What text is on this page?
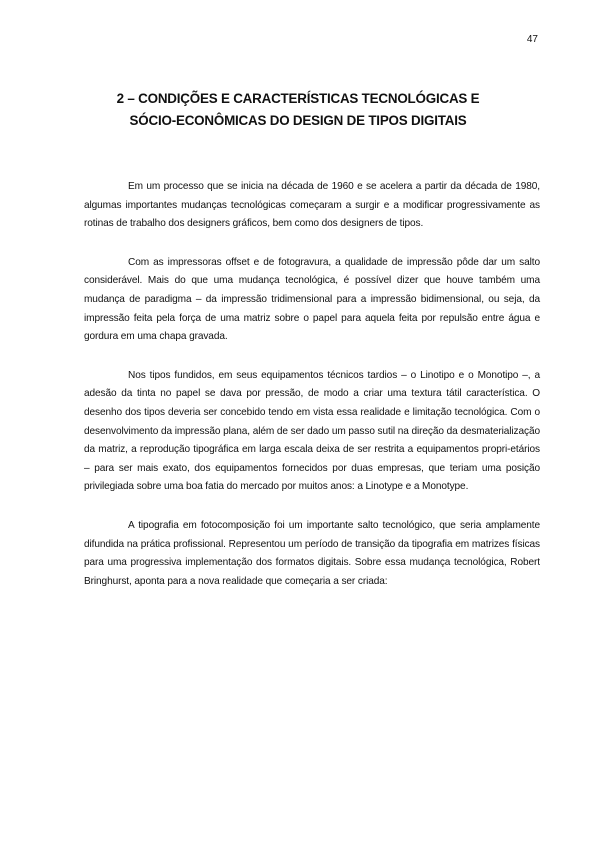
47
2 – CONDIÇÕES E CARACTERÍSTICAS TECNOLÓGICAS E
SÓCIO-ECONÔMICAS DO DESIGN DE TIPOS DIGITAIS

Em um processo que se inicia na década de 1960 e se acelera a partir da década de 1980, algumas importantes mudanças tecnológicas começaram a surgir e a modificar progressivamente as rotinas de trabalho dos designers gráficos, bem como dos designers de tipos.

Com as impressoras offset e de fotogravura, a qualidade de impressão pôde dar um salto considerável. Mais do que uma mudança tecnológica, é possível dizer que houve também uma mudança de paradigma – da impressão tridimensional para a impressão bidimensional, ou seja, da impressão feita pela força de uma matriz sobre o papel para aquela feita por repulsão entre água e gordura em uma chapa gravada.

Nos tipos fundidos, em seus equipamentos técnicos tardios – o Linotipo e o Monotipo –, a adesão da tinta no papel se dava por pressão, de modo a criar uma textura tátil característica. O desenho dos tipos deveria ser concebido tendo em vista essa realidade e limitação tecnológica. Com o desenvolvimento da impressão plana, além de ser dado um passo sutil na direção da desmaterialização da matriz, a reprodução tipográfica em larga escala deixa de ser restrita a equipamentos propri-etários – para ser mais exato, dos equipamentos fornecidos por duas empresas, que teriam uma posição privilegiada sobre uma boa fatia do mercado por muitos anos: a Linotype e a Monotype.

A tipografia em fotocomposição foi um importante salto tecnológico, que seria amplamente difundida na prática profissional. Representou um período de transição da tipografia em matrizes físicas para uma progressiva implementação dos formatos digitais. Sobre essa mudança tecnológica, Robert Bringhurst, aponta para a nova realidade que começaria a ser criada:
